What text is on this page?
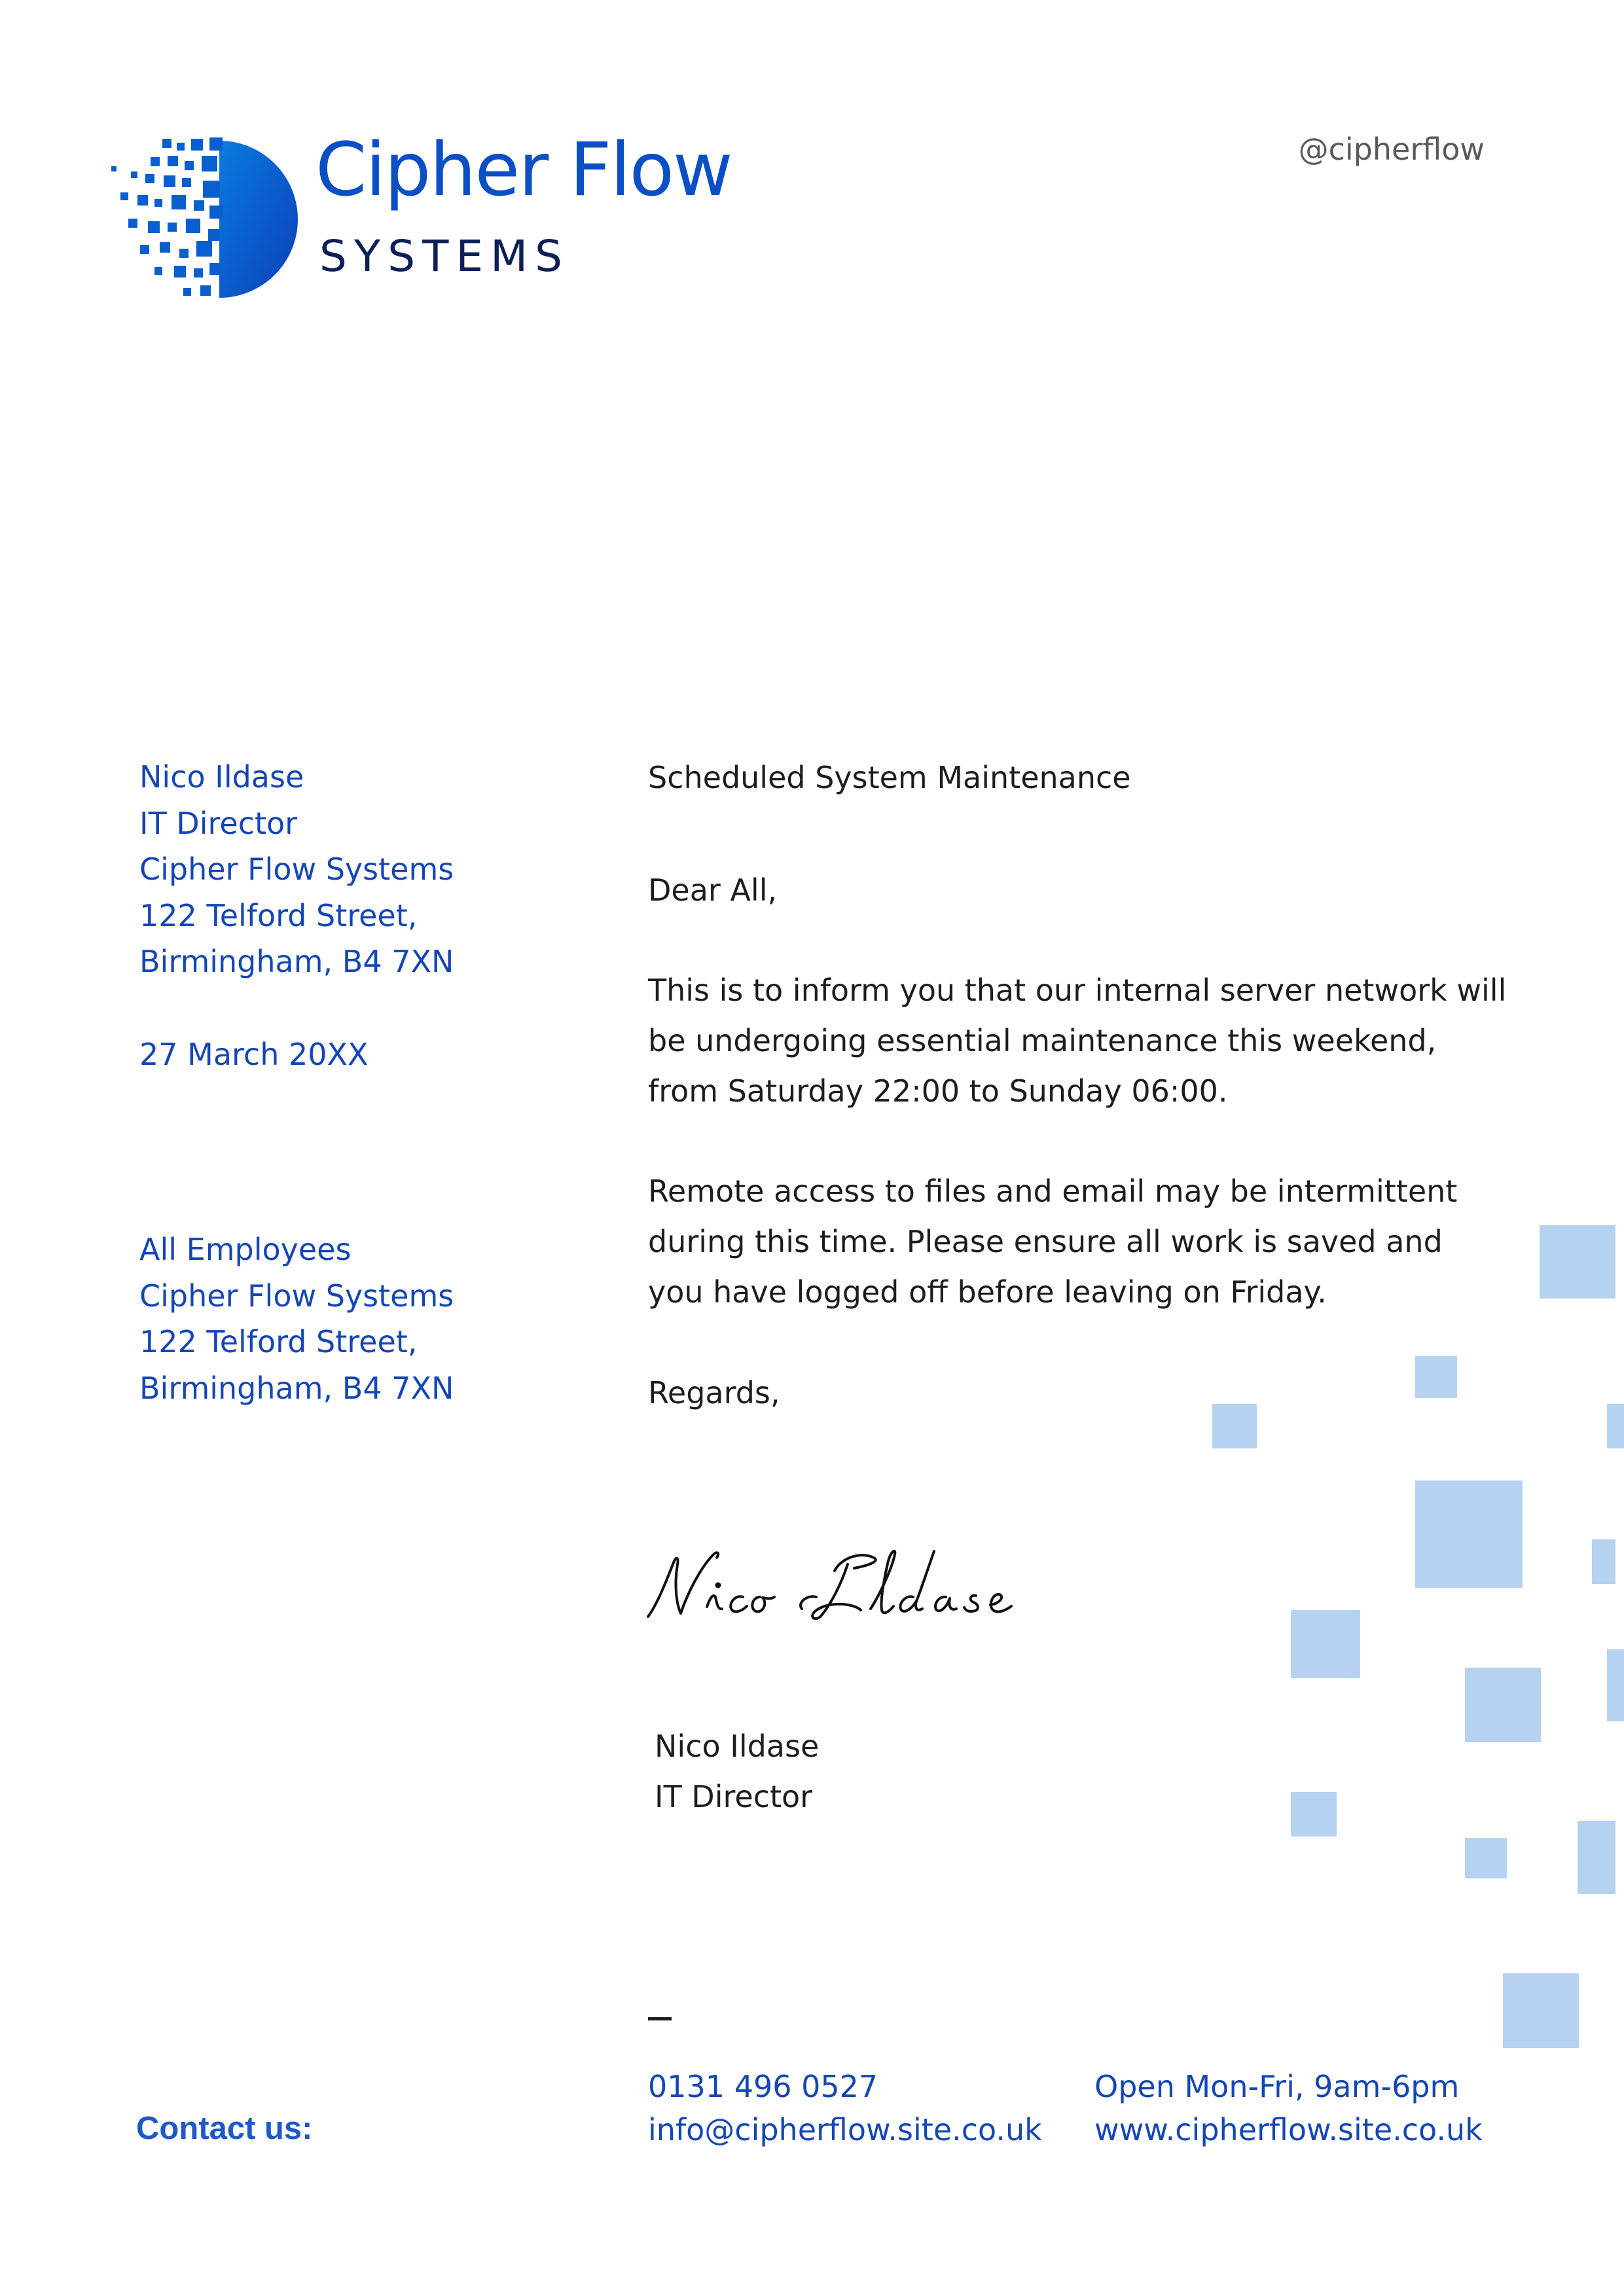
Cipher Flow
SYSTEMS
@cipherflow
Nico Ildase
IT Director
Cipher Flow Systems
122 Telford Street,
Birmingham, B4 7XN
27 March 20XX
All Employees
Cipher Flow Systems
122 Telford Street,
Birmingham, B4 7XN
Scheduled System Maintenance
Dear All,
This is to inform you that our internal server network will
be undergoing essential maintenance this weekend,
from Saturday 22:00 to Sunday 06:00.
Remote access to files and email may be intermittent
during this time. Please ensure all work is saved and
you have logged off before leaving on Friday.
Regards,
Nico Ildase
IT Director
Contact us:
0131 496 0527
info@cipherflow.site.co.uk
Open Mon-Fri, 9am-6pm
www.cipherflow.site.co.uk
